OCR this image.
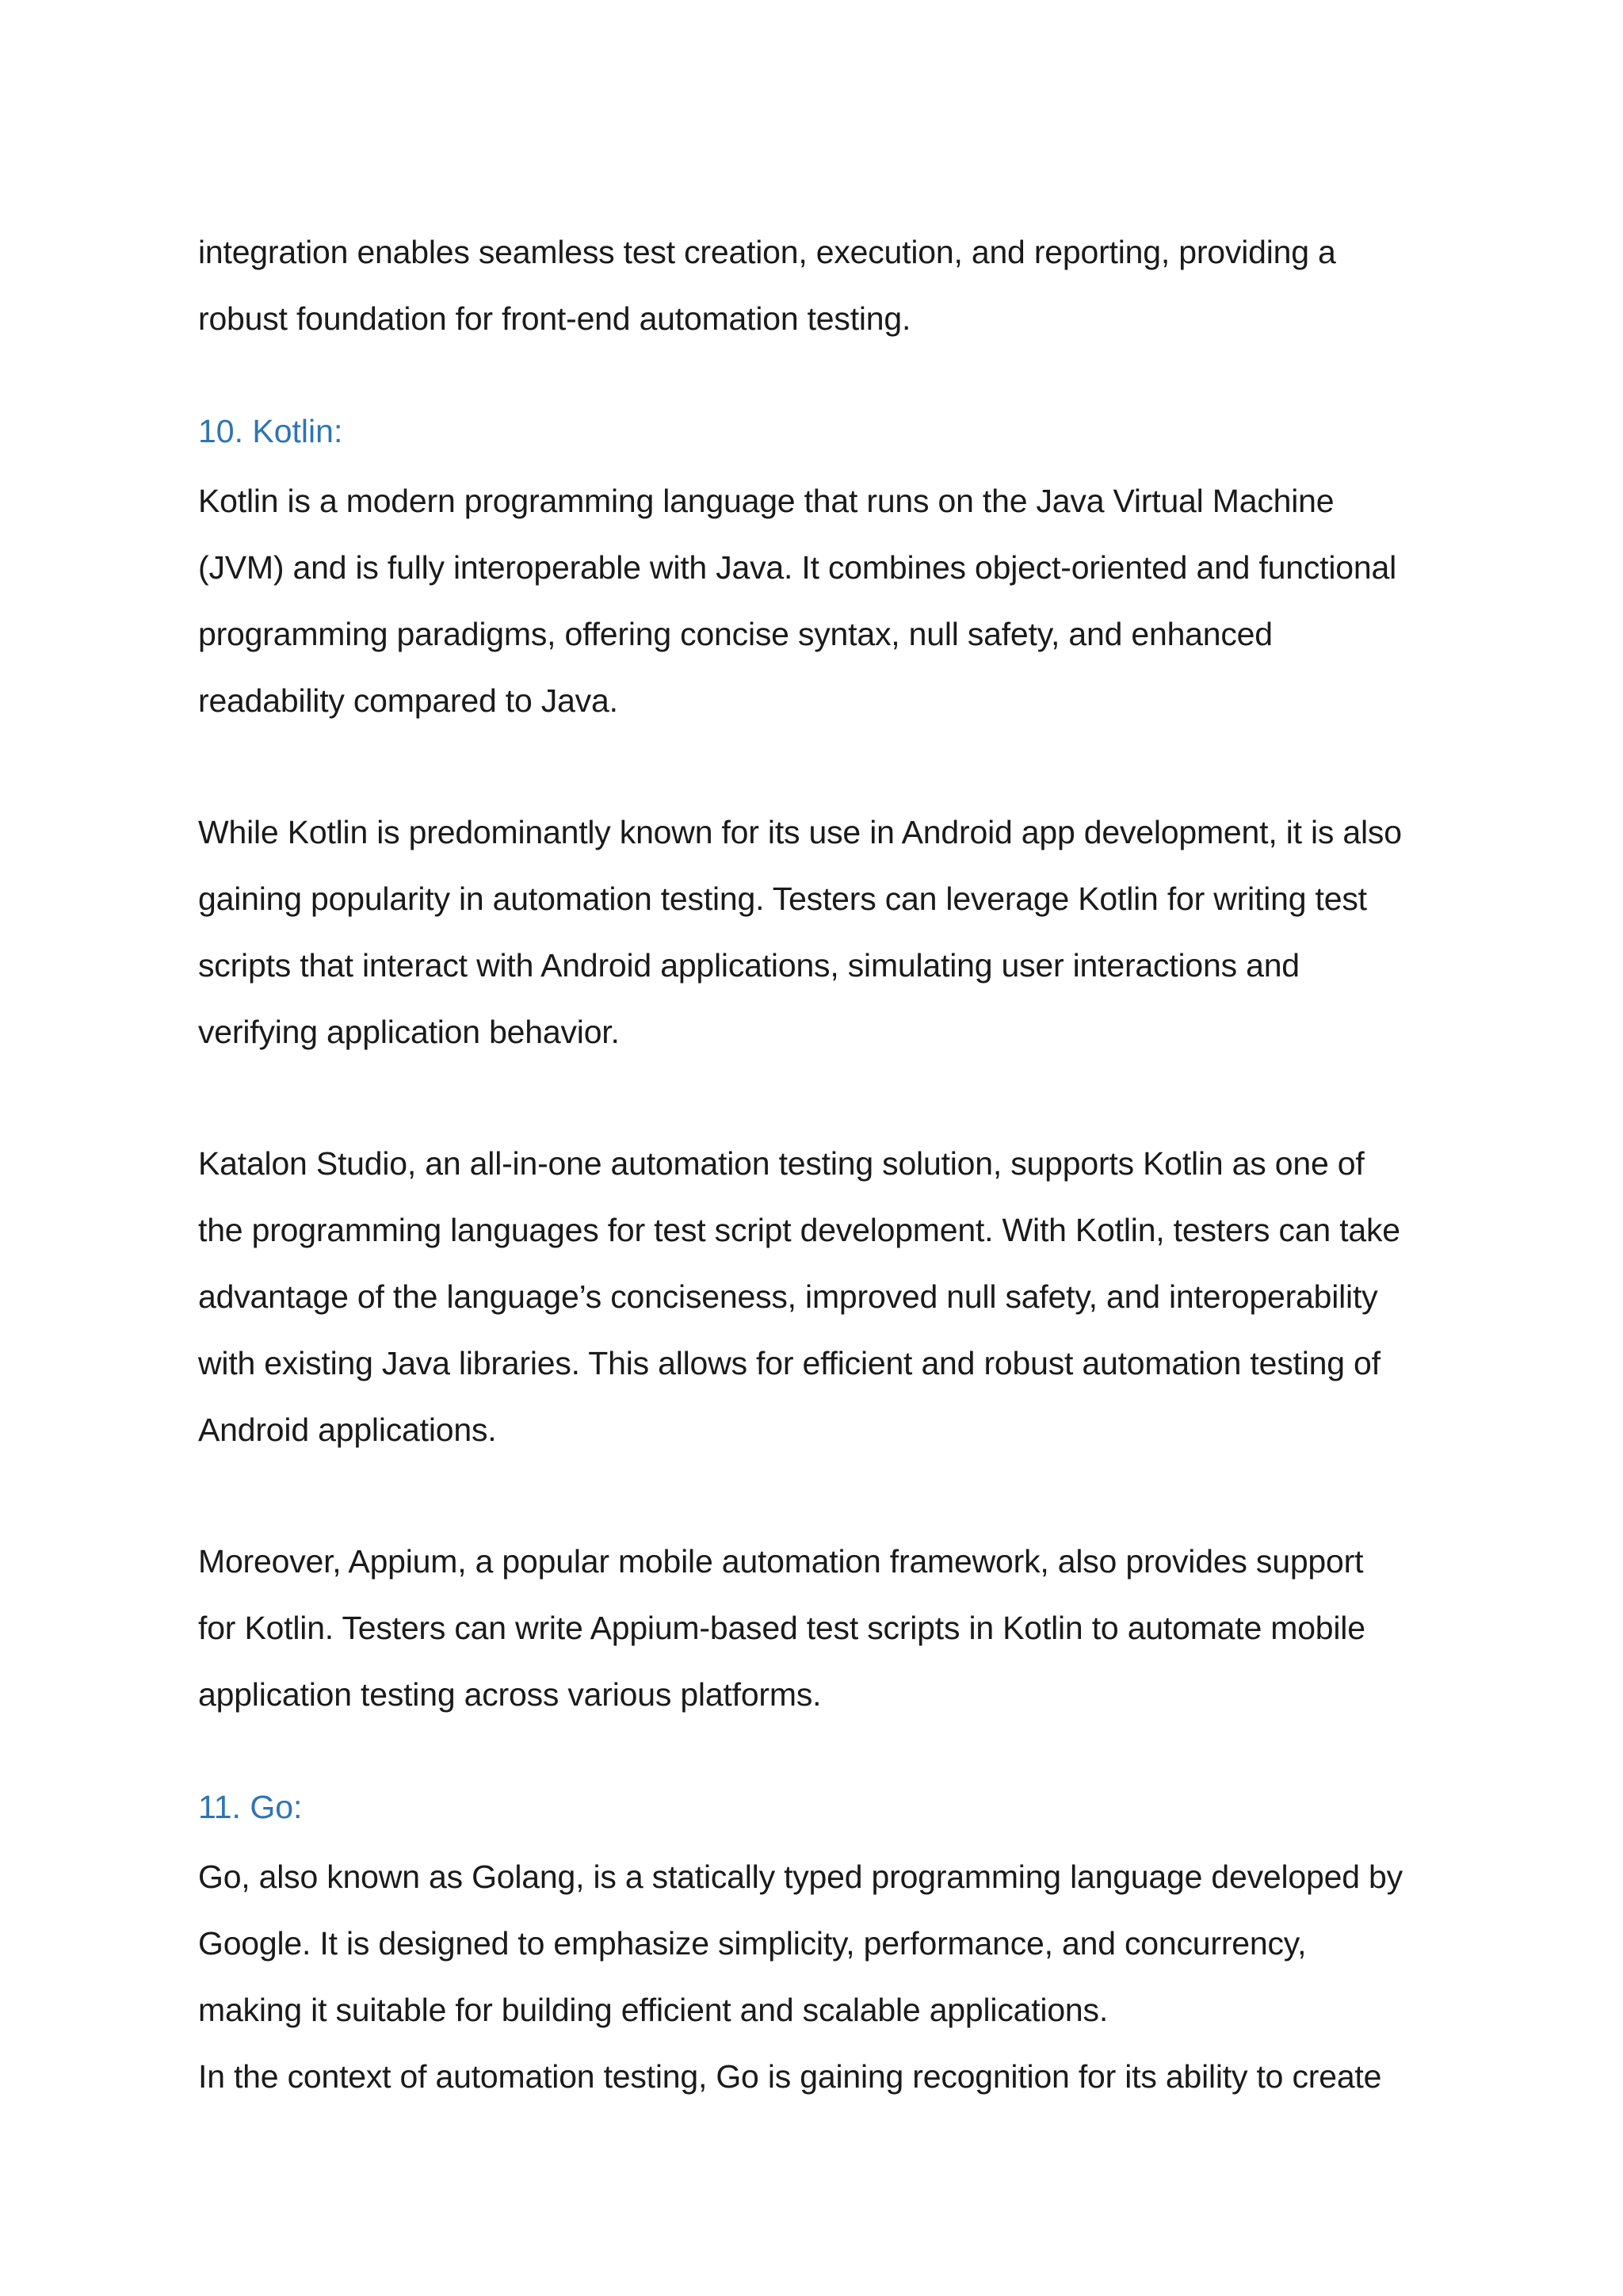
integration enables seamless test creation, execution, and reporting, providing a
robust foundation for front-end automation testing.
10. Kotlin:
Kotlin is a modern programming language that runs on the Java Virtual Machine
(JVM) and is fully interoperable with Java. It combines object-oriented and functional
programming paradigms, offering concise syntax, null safety, and enhanced
readability compared to Java.
While Kotlin is predominantly known for its use in Android app development, it is also
gaining popularity in automation testing. Testers can leverage Kotlin for writing test
scripts that interact with Android applications, simulating user interactions and
verifying application behavior.
Katalon Studio, an all-in-one automation testing solution, supports Kotlin as one of
the programming languages for test script development. With Kotlin, testers can take
advantage of the language’s conciseness, improved null safety, and interoperability
with existing Java libraries. This allows for efficient and robust automation testing of
Android applications.
Moreover, Appium, a popular mobile automation framework, also provides support
for Kotlin. Testers can write Appium-based test scripts in Kotlin to automate mobile
application testing across various platforms.
11. Go:
Go, also known as Golang, is a statically typed programming language developed by
Google. It is designed to emphasize simplicity, performance, and concurrency,
making it suitable for building efficient and scalable applications.
In the context of automation testing, Go is gaining recognition for its ability to create
